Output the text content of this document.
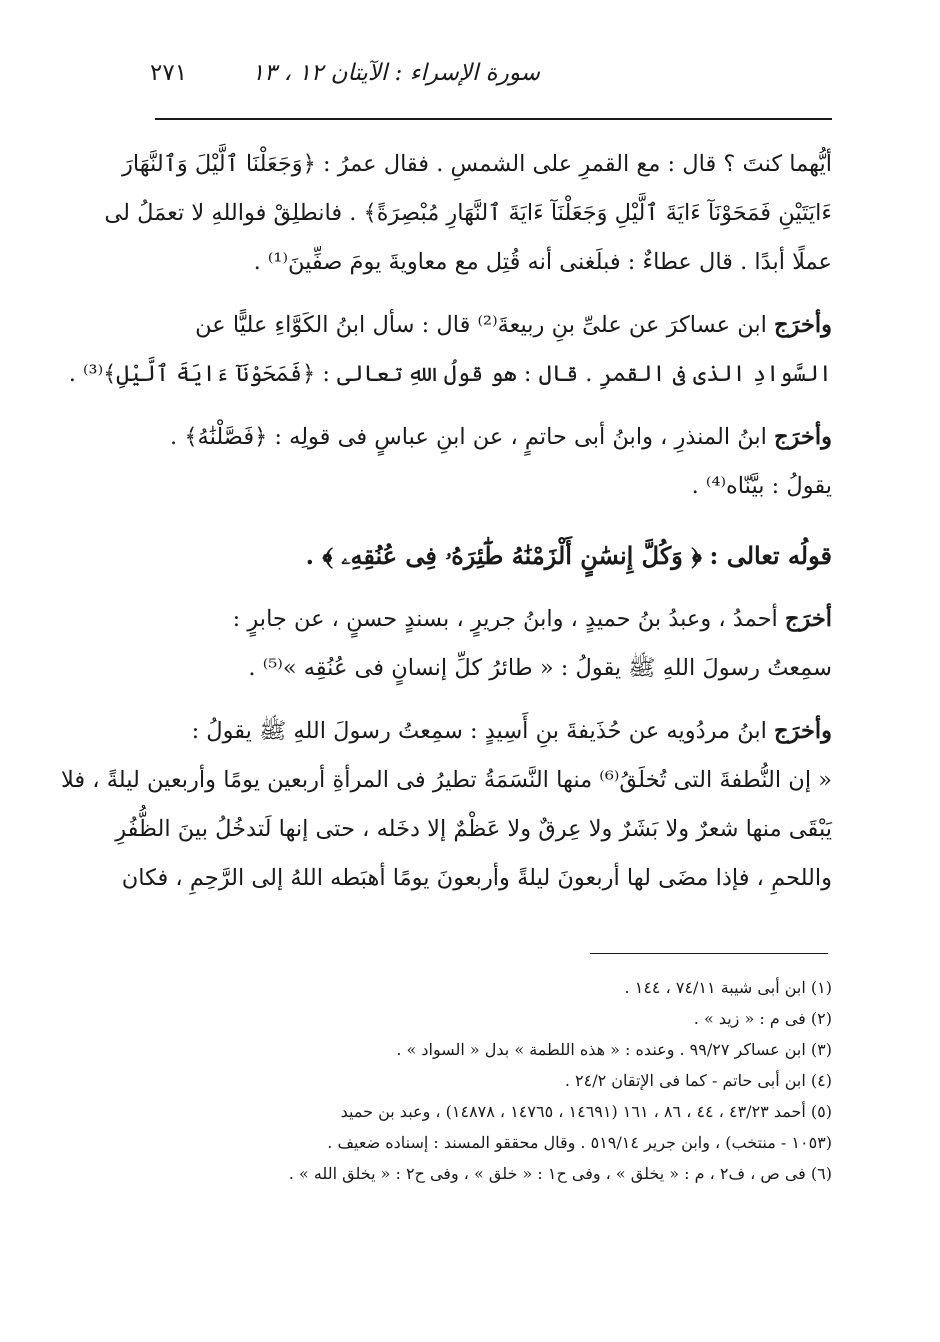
سورة الإسراء : الآيتان ١٢ ، ١٣
٢٧١
أيُّهما كنتَ ؟ قال : مع القمرِ على الشمسِ . فقال عمرُ : ﴿وَجَعَلْنَا ٱلَّيْلَ وَٱلنَّهَارَ
ءَايَتَيْنِ فَمَحَوْنَآ ءَايَةَ ٱلَّيْلِ وَجَعَلْنَآ ءَايَةَ ٱلنَّهَارِ مُبْصِرَةً﴾ . فانطلِقْ فواللهِ لا تعمَلُ لى
عملًا أبدًا . قال عطاءٌ : فبلَغنى أنه قُتِل مع معاويةَ يومَ صفِّينَ⁽¹⁾ .
وأخرَج ابن عساكرَ عن علىِّ بنِ ربيعةَ⁽²⁾ قال : سأل ابنُ الكَوَّاءِ عليًّا عن
السَّوادِ الذى فى القمرِ . قال : هو قولُ اللهِ تعالى : ﴿فَمَحَوْنَآ ءَايَةَ ٱلَّيْلِ﴾⁽³⁾ .
وأخرَج ابنُ المنذرِ ، وابنُ أبى حاتمٍ ، عن ابنِ عباسٍ فى قولِه : ﴿فَصَّلْنَٰهُ﴾ .
يقولُ : بيَّنّاه⁽⁴⁾ .
قولُه تعالى : ﴿ وَكُلَّ إِنسَٰنٍ أَلْزَمْنَٰهُ طَٰٓئِرَهُۥ فِى عُنُقِهِۦ ﴾ .
أخرَج أحمدُ ، وعبدُ بنُ حميدٍ ، وابنُ جريرٍ ، بسندٍ حسنٍ ، عن جابرٍ :
سمِعتُ رسولَ اللهِ ﷺ يقولُ : « طائرُ كلِّ إنسانٍ فى عُنُقِه »⁽⁵⁾ .
وأخرَج ابنُ مردُويه عن حُذَيفةَ بنِ أَسِيدٍ : سمِعتُ رسولَ اللهِ ﷺ يقولُ :
« إن النُّطفةَ التى تُخلَقُ⁽⁶⁾ منها النَّسَمَةُ تطيرُ فى المرأةِ أربعين يومًا وأربعين ليلةً ، فلا
يَبْقَى منها شعرٌ ولا بَشَرٌ ولا عِرقٌ ولا عَظْمٌ إلا دخَله ، حتى إنها لَتدخُلُ بينَ الظُّفُرِ
واللحمِ ، فإذا مضَى لها أربعونَ ليلةً وأربعونَ يومًا أهبَطه اللهُ إلى الرَّحِمِ ، فكان
(١) ابن أبى شيبة ٧٤/١١ ، ١٤٤ .
(٢) فى م : « زيد » .
(٣) ابن عساكر ٩٩/٢٧ . وعنده : « هذه اللطمة » بدل « السواد » .
(٤) ابن أبى حاتم - كما فى الإتقان ٢٤/٢ .
(٥) أحمد ٤٣/٢٣ ، ٤٤ ، ٨٦ ، ١٦١ (١٤٦٩١ ، ١٤٧٦٥ ، ١٤٨٧٨) ، وعبد بن حميد
(١٠٥٣ - منتخب) ، وابن جرير ٥١٩/١٤ . وقال محققو المسند : إسناده ضعيف .
(٦) فى ص ، ف٢ ، م : « يخلق » ، وفى ح١ : « خلق » ، وفى ح٢ : « يخلق الله » .
